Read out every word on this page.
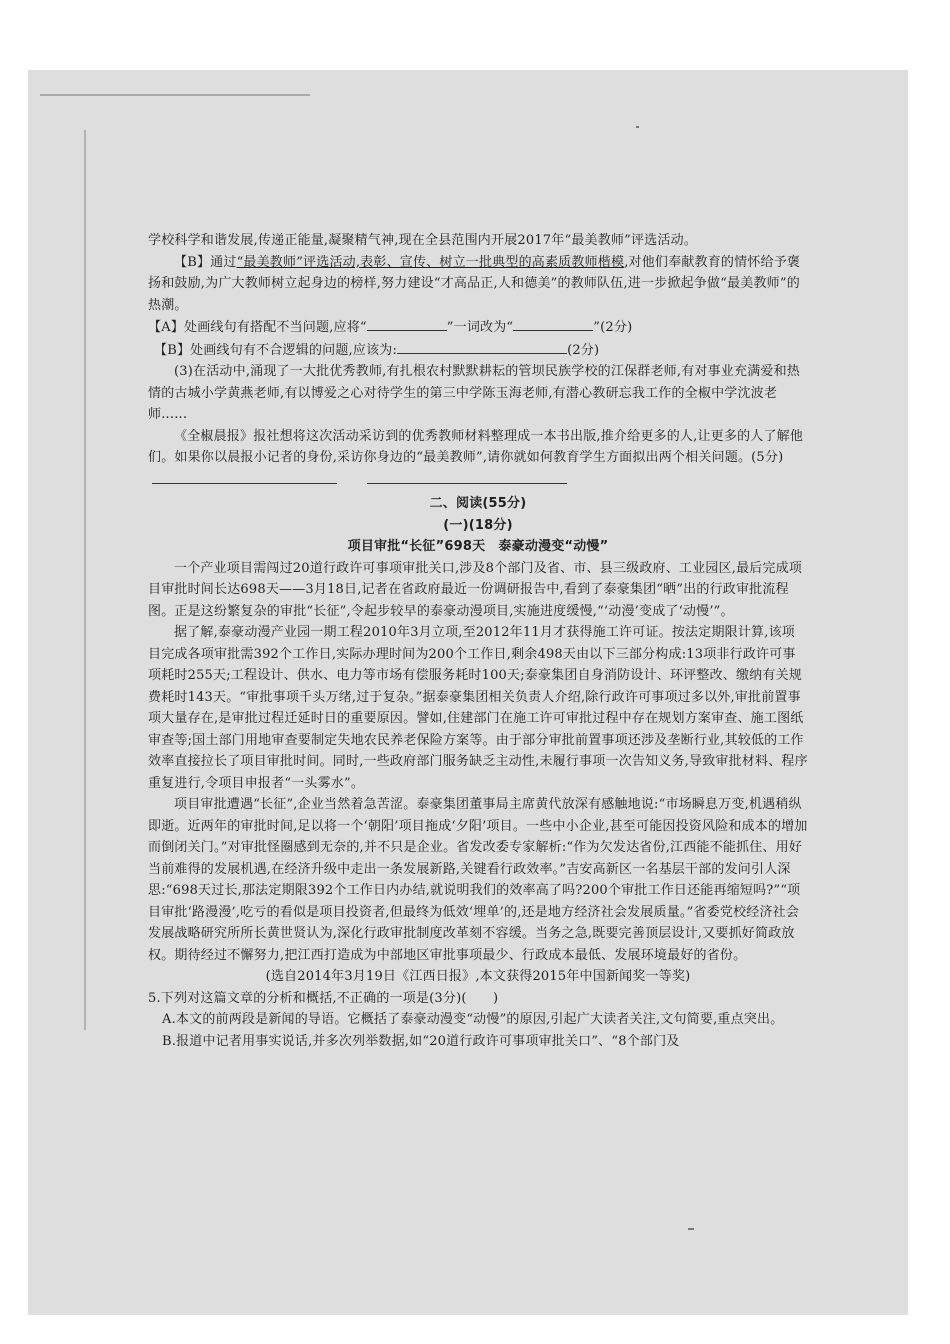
学校科学和谐发展,传递正能量,凝聚精气神,现在全县范围内开展2017年“最美教师”评选活动。

【B】通过“最美教师”评选活动,表彰、宣传、树立一批典型的高素质教师楷模,对他们奉献教育的情怀给予褒扬和鼓励,为广大教师树立起身边的榜样,努力建设“才高品正,人和德美”的教师队伍,进一步掀起争做“最美教师”的热潮。

【A】处画线句有搭配不当问题,应将“	”一词改为“	”(2分)

【B】处画线句有不合逻辑的问题,应该为:	(2分)

(3)在活动中,涌现了一大批优秀教师,有扎根农村默默耕耘的管坝民族学校的江保群老师,有对事业充满爱和热情的古城小学黄燕老师,有以博爱之心对待学生的第三中学陈玉海老师,有潜心教研忘我工作的全椒中学沈波老师......

《全椒晨报》报社想将这次活动采访到的优秀教师材料整理成一本书出版,推介给更多的人,让更多的人了解他们。如果你以晨报小记者的身份,采访你身边的“最美教师”,请你就如何教育学生方面拟出两个相关问题。(5分)

二、阅读(55分)

(一)(18分)

项目审批“长征”698天　泰豪动漫变“动慢”

一个产业项目需闯过20道行政许可事项审批关口,涉及8个部门及省、市、县三级政府、工业园区,最后完成项目审批时间长达698天——3月18日,记者在省政府最近一份调研报告中,看到了泰豪集团“晒”出的行政审批流程图。正是这纷繁复杂的审批“长征”,令起步较早的泰豪动漫项目,实施进度缓慢,“‘动漫’变成了‘动慢’”。

据了解,泰豪动漫产业园一期工程2010年3月立项,至2012年11月才获得施工许可证。按法定期限计算,该项目完成各项审批需392个工作日,实际办理时间为200个工作日,剩余498天由以下三部分构成:13项非行政许可事项耗时255天;工程设计、供水、电力等市场有偿服务耗时100天;泰豪集团自身消防设计、环评整改、缴纳有关规费耗时143天。“审批事项千头万绪,过于复杂。”据泰豪集团相关负责人介绍,除行政许可事项过多以外,审批前置事项大量存在,是审批过程迁延时日的重要原因。譬如,住建部门在施工许可审批过程中存在规划方案审查、施工图纸审查等;国土部门用地审查要制定失地农民养老保险方案等。由于部分审批前置事项还涉及垄断行业,其较低的工作效率直接拉长了项目审批时间。同时,一些政府部门服务缺乏主动性,未履行事项一次告知义务,导致审批材料、程序重复进行,令项目申报者“一头雾水”。

项目审批遭遇“长征”,企业当然着急苦涩。泰豪集团董事局主席黄代放深有感触地说:“市场瞬息万变,机遇稍纵即逝。近两年的审批时间,足以将一个‘朝阳’项目拖成‘夕阳’项目。一些中小企业,甚至可能因投资风险和成本的增加而倒闭关门。”对审批怪圈感到无奈的,并不只是企业。省发改委专家解析:“作为欠发达省份,江西能不能抓住、用好当前难得的发展机遇,在经济升级中走出一条发展新路,关键看行政效率。”吉安高新区一名基层干部的发问引人深思:“698天过长,那法定期限392个工作日内办结,就说明我们的效率高了吗?200个审批工作日还能再缩短吗?”“项目审批‘路漫漫’,吃亏的看似是项目投资者,但最终为低效‘埋单’的,还是地方经济社会发展质量。”省委党校经济社会发展战略研究所所长黄世贤认为,深化行政审批制度改革刻不容缓。当务之急,既要完善顶层设计,又要抓好简政放权。期待经过不懈努力,把江西打造成为中部地区审批事项最少、行政成本最低、发展环境最好的省份。

(选自2014年3月19日《江西日报》,本文获得2015年中国新闻奖一等奖)

5.下列对这篇文章的分析和概括,不正确的一项是(3分)(　　)

A.本文的前两段是新闻的导语。它概括了泰豪动漫变“动慢”的原因,引起广大读者关注,文句简要,重点突出。

B.报道中记者用事实说话,并多次列举数据,如“20道行政许可事项审批关口”、“8个部门及
